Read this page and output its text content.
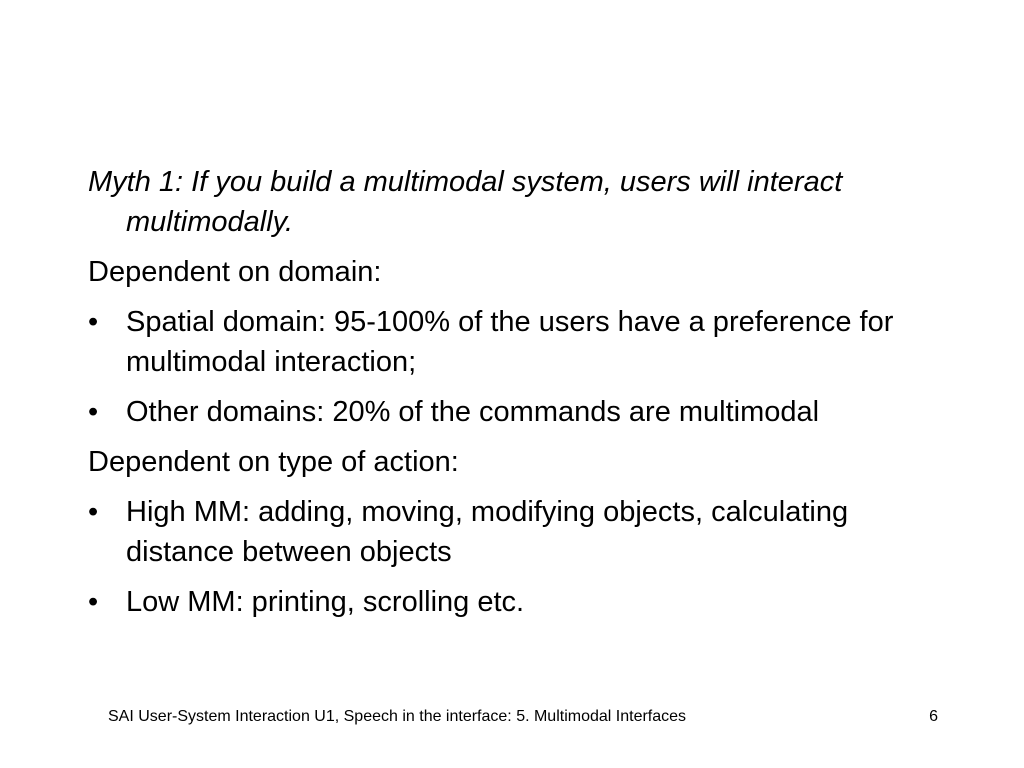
Myth 1: If you build a multimodal system, users will interact multimodally.

Dependent on domain:

• Spatial domain: 95-100% of the users have a preference for multimodal interaction;
• Other domains: 20% of the commands are multimodal

Dependent on type of action:

• High MM: adding, moving, modifying objects, calculating distance between objects
• Low MM: printing, scrolling etc.
SAI User-System Interaction U1, Speech in the interface: 5. Multimodal Interfaces	6
